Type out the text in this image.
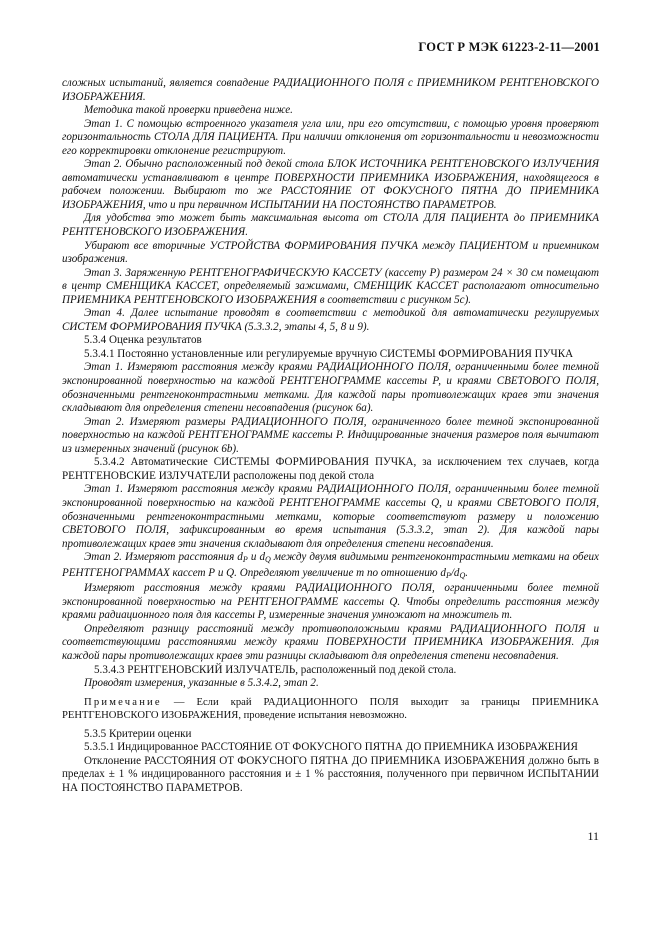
ГОСТ Р МЭК 61223-2-11—2001

сложных испытаний, является совпадение РАДИАЦИОННОГО ПОЛЯ с ПРИЕМНИКОМ РЕНТГЕНОВСКОГО ИЗОБРАЖЕНИЯ.

Методика такой проверки приведена ниже.

Этап 1. С помощью встроенного указателя угла или, при его отсутствии, с помощью уровня проверяют горизонтальность СТОЛА ДЛЯ ПАЦИЕНТА. При наличии отклонения от горизонтальности и невозможности его корректировки отклонение регистрируют.

Этап 2. Обычно расположенный под декой стола БЛОК ИСТОЧНИКА РЕНТГЕНОВСКОГО ИЗЛУЧЕНИЯ автоматически устанавливают в центре ПОВЕРХНОСТИ ПРИЕМНИКА ИЗОБРАЖЕНИЯ, находящегося в рабочем положении. Выбирают то же РАССТОЯНИЕ ОТ ФОКУСНОГО ПЯТНА ДО ПРИЕМНИКА ИЗОБРАЖЕНИЯ, что и при первичном ИСПЫТАНИИ НА ПОСТОЯНСТВО ПАРАМЕТРОВ.

Для удобства это может быть максимальная высота от СТОЛА ДЛЯ ПАЦИЕНТА до ПРИЕМНИКА РЕНТГЕНОВСКОГО ИЗОБРАЖЕНИЯ.

Убирают все вторичные УСТРОЙСТВА ФОРМИРОВАНИЯ ПУЧКА между ПАЦИЕНТОМ и приемником изображения.

Этап 3. Заряженную РЕНТГЕНОГРАФИЧЕСКУЮ КАССЕТУ (кассету Р) размером 24 × 30 см помещают в центр СМЕНЩИКА КАССЕТ, определяемый зажимами, СМЕНЩИК КАССЕТ располагают относительно ПРИЕМНИКА РЕНТГЕНОВСКОГО ИЗОБРАЖЕНИЯ в соответствии с рисунком 5с).

Этап 4. Далее испытание проводят в соответствии с методикой для автоматически регулируемых СИСТЕМ ФОРМИРОВАНИЯ ПУЧКА (5.3.3.2, этапы 4, 5, 8 и 9).

5.3.4 Оценка результатов

5.3.4.1 Постоянно установленные или регулируемые вручную СИСТЕМЫ ФОРМИРОВАНИЯ ПУЧКА

Этап 1. Измеряют расстояния между краями РАДИАЦИОННОГО ПОЛЯ, ограниченными более темной экспонированной поверхностью на каждой РЕНТГЕНОГРАММЕ кассеты Р, и краями СВЕТОВОГО ПОЛЯ, обозначенными рентгеноконтрастными метками. Для каждой пары противолежащих краев эти значения складывают для определения степени несовпадения (рисунок 6а).

Этап 2. Измеряют размеры РАДИАЦИОННОГО ПОЛЯ, ограниченного более темной экспонированной поверхностью на каждой РЕНТГЕНОГРАММЕ кассеты Р. Индицированные значения размеров поля вычитают из измеренных значений (рисунок 6b).

5.3.4.2 Автоматические СИСТЕМЫ ФОРМИРОВАНИЯ ПУЧКА, за исключением тех случаев, когда РЕНТГЕНОВСКИЕ ИЗЛУЧАТЕЛИ расположены под декой стола

Этап 1. Измеряют расстояния между краями РАДИАЦИОННОГО ПОЛЯ, ограниченными более темной экспонированной поверхностью на каждой РЕНТГЕНОГРАММЕ кассеты Q, и краями СВЕТОВОГО ПОЛЯ, обозначенными рентгеноконтрастными метками, которые соответствуют размеру и положению СВЕТОВОГО ПОЛЯ, зафиксированным во время испытания (5.3.3.2, этап 2). Для каждой пары противолежащих краев эти значения складывают для определения степени несовпадения.

Этап 2. Измеряют расстояния $d_P$ и $d_Q$ между двумя видимыми рентгеноконтрастными метками на обеих РЕНТГЕНОГРАММАХ кассет Р и Q. Определяют увеличение m по отношению $d_P/d_Q$.

Измеряют расстояния между краями РАДИАЦИОННОГО ПОЛЯ, ограниченными более темной экспонированной поверхностью на РЕНТГЕНОГРАММЕ кассеты Q. Чтобы определить расстояния между краями радиационного поля для кассеты Р, измеренные значения умножают на множитель m.

Определяют разницу расстояний между противоположными краями РАДИАЦИОННОГО ПОЛЯ и соответствующими расстояниями между краями ПОВЕРХНОСТИ ПРИЕМНИКА ИЗОБРАЖЕНИЯ. Для каждой пары противолежащих краев эти разницы складывают для определения степени несовпадения.

5.3.4.3 РЕНТГЕНОВСКИЙ ИЗЛУЧАТЕЛЬ, расположенный под декой стола.

Проводят измерения, указанные в 5.3.4.2, этап 2.

Примечание — Если край РАДИАЦИОННОГО ПОЛЯ выходит за границы ПРИЕМНИКА РЕНТГЕНОВСКОГО ИЗОБРАЖЕНИЯ, проведение испытания невозможно.

5.3.5 Критерии оценки

5.3.5.1 Индицированное РАССТОЯНИЕ ОТ ФОКУСНОГО ПЯТНА ДО ПРИЕМНИКА ИЗОБРАЖЕНИЯ

Отклонение РАССТОЯНИЯ ОТ ФОКУСНОГО ПЯТНА ДО ПРИЕМНИКА ИЗОБРАЖЕНИЯ должно быть в пределах ± 1 % индицированного расстояния и ± 1 % расстояния, полученного при первичном ИСПЫТАНИИ НА ПОСТОЯНСТВО ПАРАМЕТРОВ.

11
